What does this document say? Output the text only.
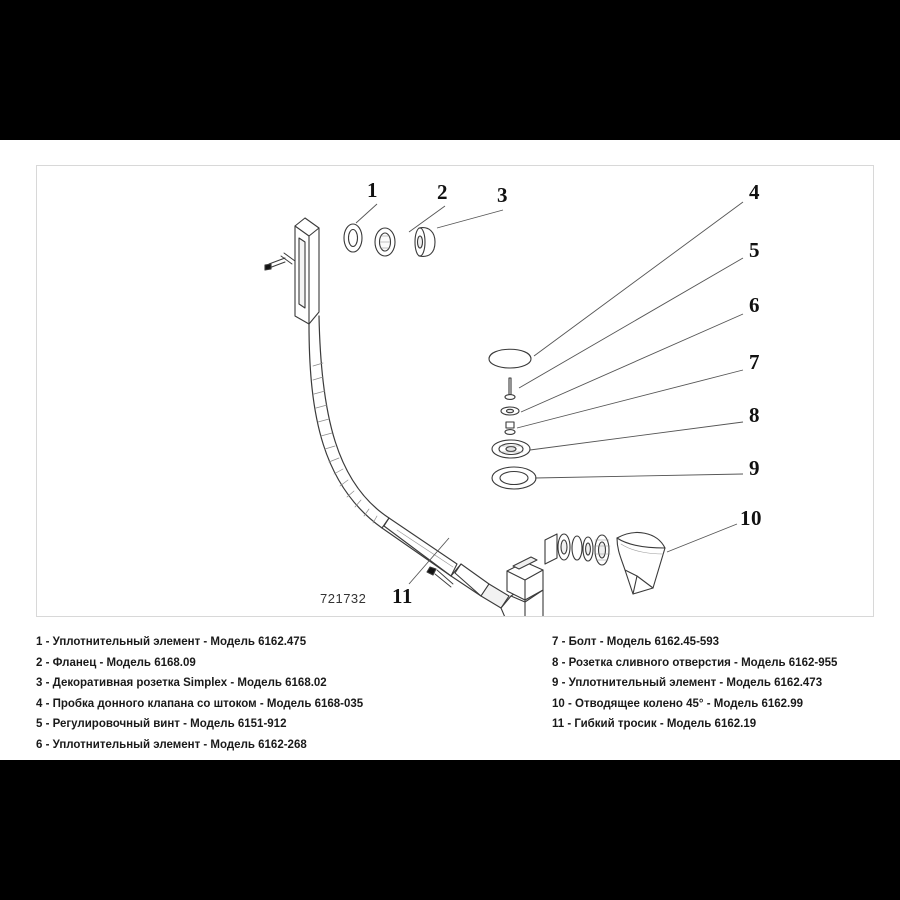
1	2 3	4
5
6
7
8
9
10
11
721732
1 - Уплотнительный элемент - Модель 6162.475
2 - Фланец - Модель 6168.09
3 - Декоративная розетка Simplex - Модель 6168.02
4 - Пробка донного клапана со штоком - Модель 6168-035
5 - Регулировочный винт - Модель 6151-912
6 - Уплотнительный элемент - Модель 6162-268
7 - Болт - Модель 6162.45-593
8 - Розетка сливного отверстия - Модель 6162-955
9 - Уплотнительный элемент - Модель 6162.473
10 - Отводящее колено 45° - Модель 6162.99
11 - Гибкий тросик - Модель 6162.19
